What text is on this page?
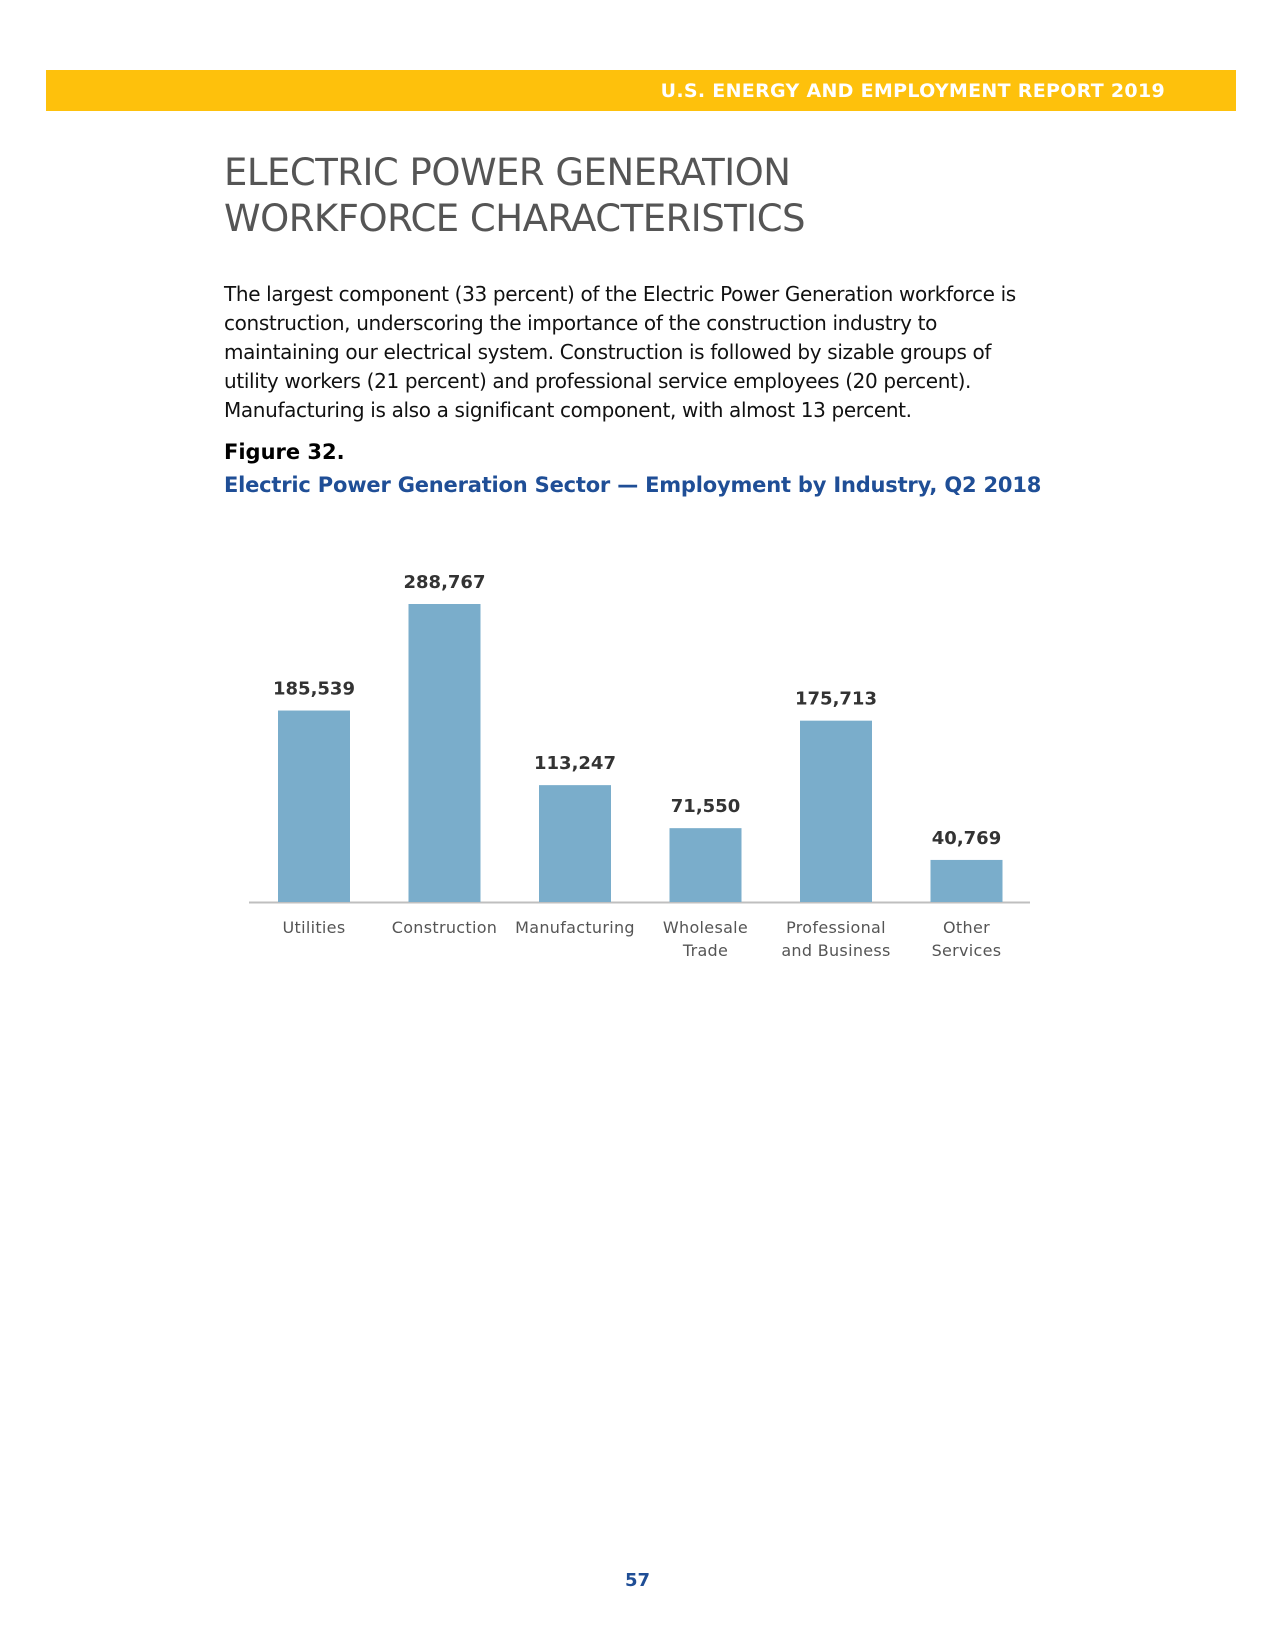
U.S. ENERGY AND EMPLOYMENT REPORT 2019
ELECTRIC POWER GENERATION
WORKFORCE CHARACTERISTICS

The largest component (33 percent) of the Electric Power Generation workforce is construction, underscoring the importance of the construction industry to maintaining our electrical system. Construction is followed by sizable groups of utility workers (21 percent) and professional service employees (20 percent). Manufacturing is also a significant component, with almost 13 percent.

Figure 32.
Electric Power Generation Sector — Employment by Industry, Q2 2018
185,539
Utilities
288,767
Construction
113,247
Manufacturing
71,550
Wholesale
Trade
175,713
Professional
and Business
40,769
Other
Services
57
